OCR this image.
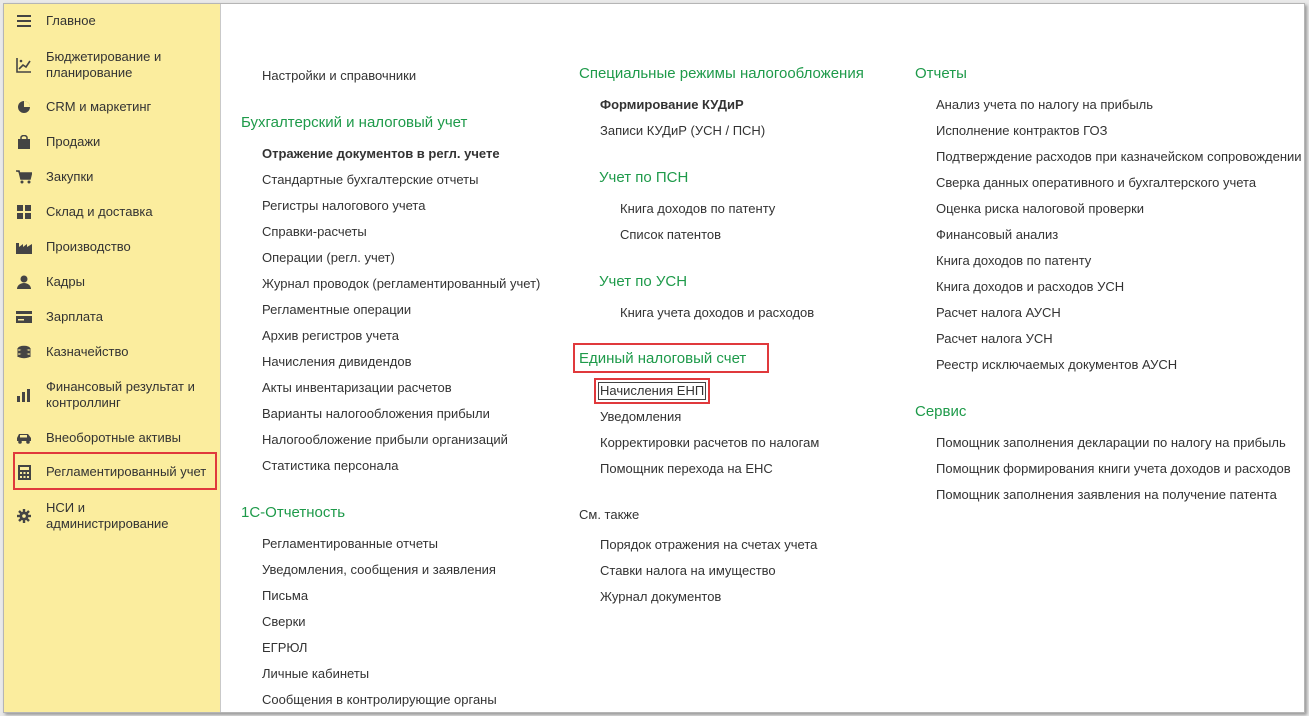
Главное
Бюджетирование и планирование
CRM и маркетинг
Продажи
Закупки
Склад и доставка
Производство
Кадры
Зарплата
Казначейство
Финансовый результат и контроллинг
Внеоборотные активы
Регламентированный учет
НСИ и администрирование
Настройки и справочники
Бухгалтерский и налоговый учет
Отражение документов в регл. учете
Стандартные бухгалтерские отчеты
Регистры налогового учета
Справки-расчеты
Операции (регл. учет)
Журнал проводок (регламентированный учет)
Регламентные операции
Архив регистров учета
Начисления дивидендов
Акты инвентаризации расчетов
Варианты налогообложения прибыли
Налогообложение прибыли организаций
Статистика персонала
1С-Отчетность
Регламентированные отчеты
Уведомления, сообщения и заявления
Письма
Сверки
ЕГРЮЛ
Личные кабинеты
Сообщения в контролирующие органы
Специальные режимы налогообложения
Формирование КУДиР
Записи КУДиР (УСН / ПСН)
Учет по ПСН
Книга доходов по патенту
Список патентов
Учет по УСН
Книга учета доходов и расходов
Единый налоговый счет
Начисления ЕНП
Уведомления
Корректировки расчетов по налогам
Помощник перехода на ЕНС
См. также
Порядок отражения на счетах учета
Ставки налога на имущество
Журнал документов
Отчеты
Анализ учета по налогу на прибыль
Исполнение контрактов ГОЗ
Подтверждение расходов при казначейском сопровождении
Сверка данных оперативного и бухгалтерского учета
Оценка риска налоговой проверки
Финансовый анализ
Книга доходов по патенту
Книга доходов и расходов УСН
Расчет налога АУСН
Расчет налога УСН
Реестр исключаемых документов АУСН
Сервис
Помощник заполнения декларации по налогу на прибыль
Помощник формирования книги учета доходов и расходов
Помощник заполнения заявления на получение патента
